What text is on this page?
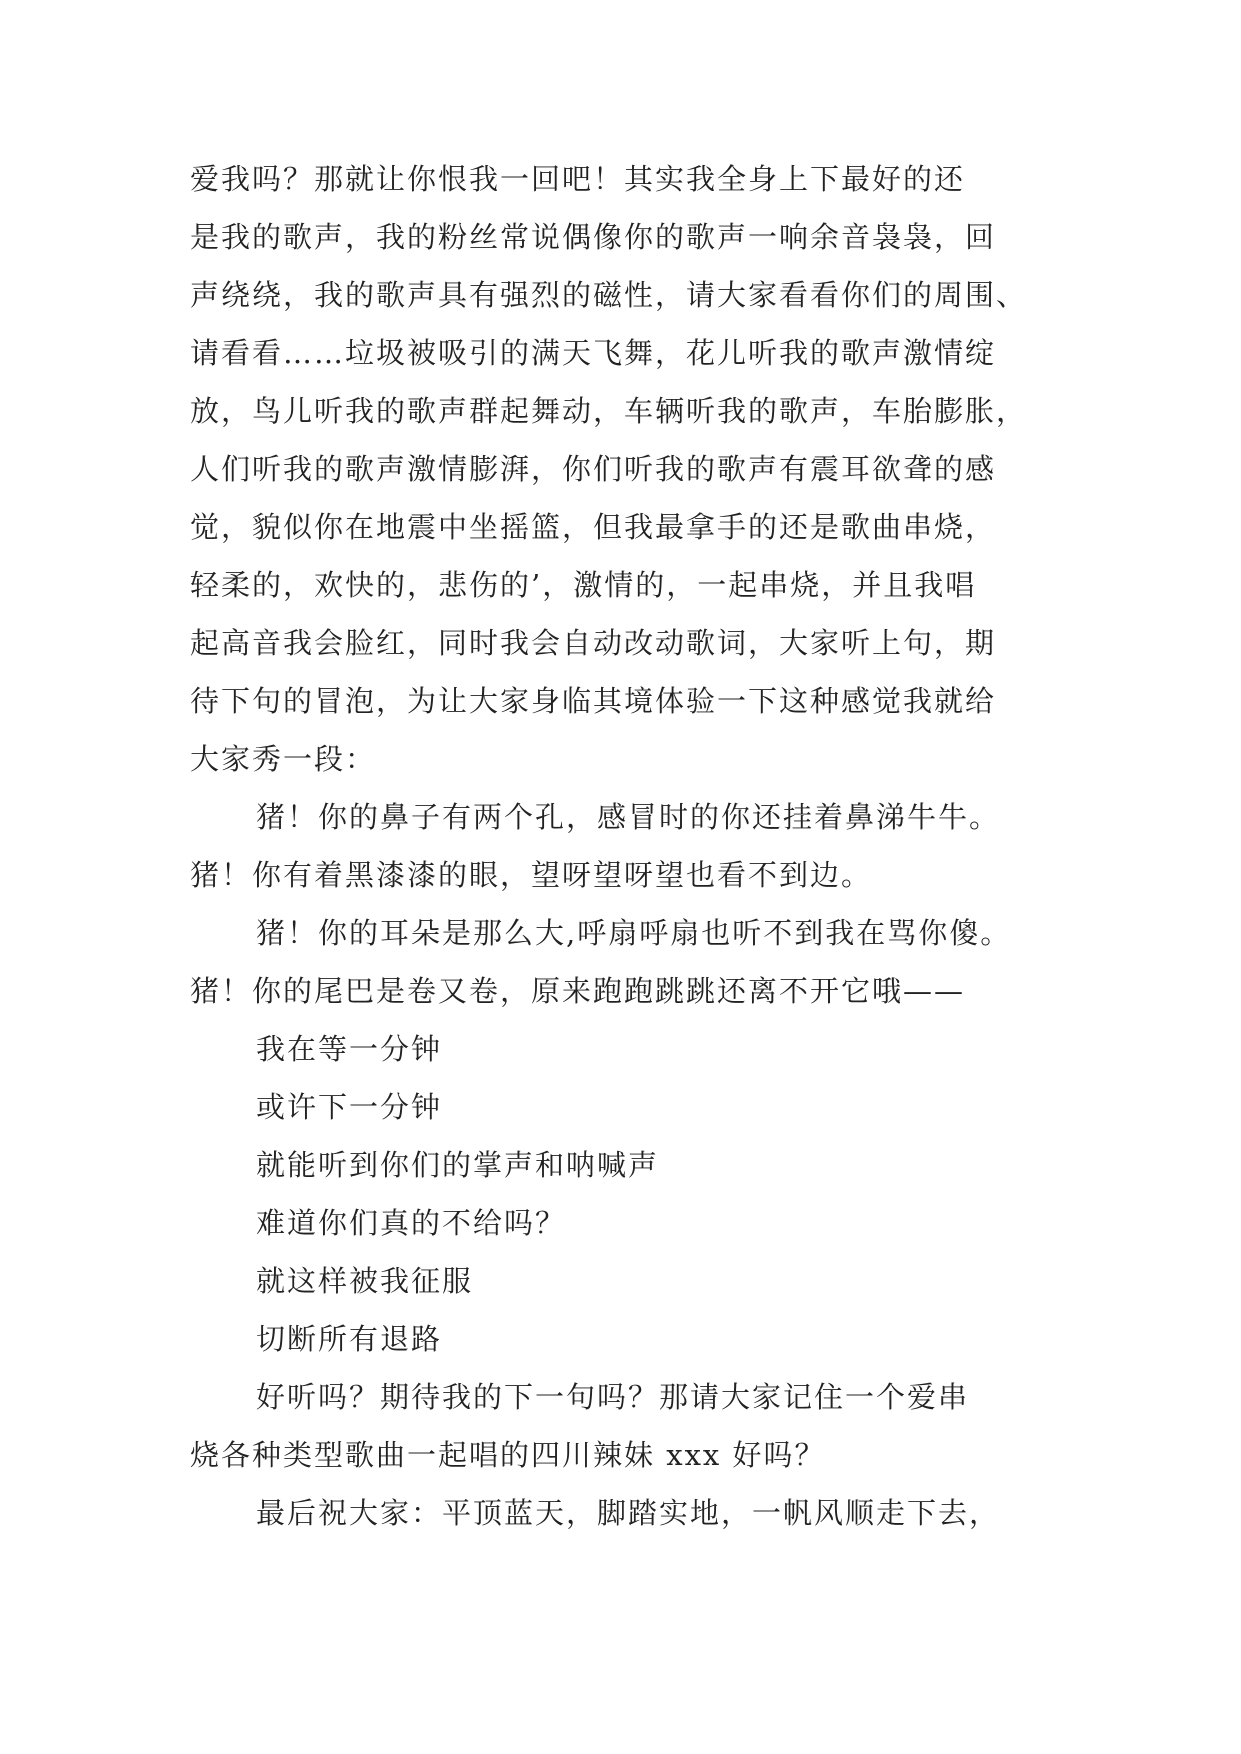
爱我吗？那就让你恨我一回吧！其实我全身上下最好的还
是我的歌声，我的粉丝常说偶像你的歌声一响余音袅袅，回
声绕绕，我的歌声具有强烈的磁性，请大家看看你们的周围、
请看看……垃圾被吸引的满天飞舞，花儿听我的歌声激情绽
放，鸟儿听我的歌声群起舞动，车辆听我的歌声，车胎膨胀，
人们听我的歌声激情膨湃，你们听我的歌声有震耳欲聋的感
觉，貌似你在地震中坐摇篮，但我最拿手的还是歌曲串烧，
轻柔的，欢快的，悲伤的’，激情的，一起串烧，并且我唱
起高音我会脸红，同时我会自动改动歌词，大家听上句，期
待下句的冒泡，为让大家身临其境体验一下这种感觉我就给
大家秀一段：
猪！你的鼻子有两个孔，感冒时的你还挂着鼻涕牛牛。
猪！你有着黑漆漆的眼，望呀望呀望也看不到边。
猪！你的耳朵是那么大,呼扇呼扇也听不到我在骂你傻。
猪！你的尾巴是卷又卷，原来跑跑跳跳还离不开它哦——
我在等一分钟
或许下一分钟
就能听到你们的掌声和呐喊声
难道你们真的不给吗？
就这样被我征服
切断所有退路
好听吗？期待我的下一句吗？那请大家记住一个爱串
烧各种类型歌曲一起唱的四川辣妹 xxx 好吗？
最后祝大家：平顶蓝天，脚踏实地，一帆风顺走下去，
